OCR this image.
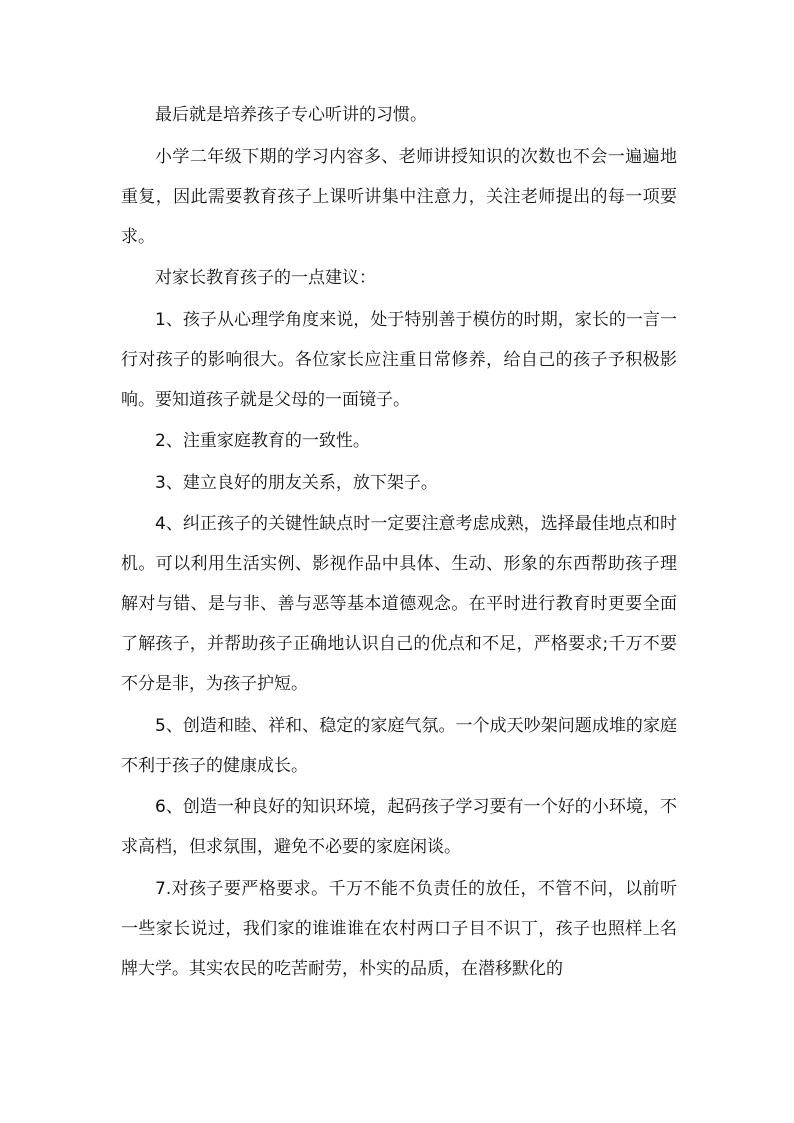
最后就是培养孩子专心听讲的习惯。

小学二年级下期的学习内容多、老师讲授知识的次数也不会一遍遍地重复，因此需要教育孩子上课听讲集中注意力，关注老师提出的每一项要求。

对家长教育孩子的一点建议：

1、孩子从心理学角度来说，处于特别善于模仿的时期，家长的一言一行对孩子的影响很大。各位家长应注重日常修养，给自己的孩子予积极影响。要知道孩子就是父母的一面镜子。

2、注重家庭教育的一致性。

3、建立良好的朋友关系，放下架子。

4、纠正孩子的关键性缺点时一定要注意考虑成熟，选择最佳地点和时机。可以利用生活实例、影视作品中具体、生动、形象的东西帮助孩子理解对与错、是与非、善与恶等基本道德观念。在平时进行教育时更要全面了解孩子，并帮助孩子正确地认识自己的优点和不足，严格要求;千万不要不分是非，为孩子护短。

5、创造和睦、祥和、稳定的家庭气氛。一个成天吵架问题成堆的家庭不利于孩子的健康成长。

6、创造一种良好的知识环境，起码孩子学习要有一个好的小环境，不求高档，但求氛围，避免不必要的家庭闲谈。

7.对孩子要严格要求。千万不能不负责任的放任，不管不问，以前听一些家长说过，我们家的谁谁谁在农村两口子目不识丁，孩子也照样上名牌大学。其实农民的吃苦耐劳，朴实的品质，在潜移默化的
